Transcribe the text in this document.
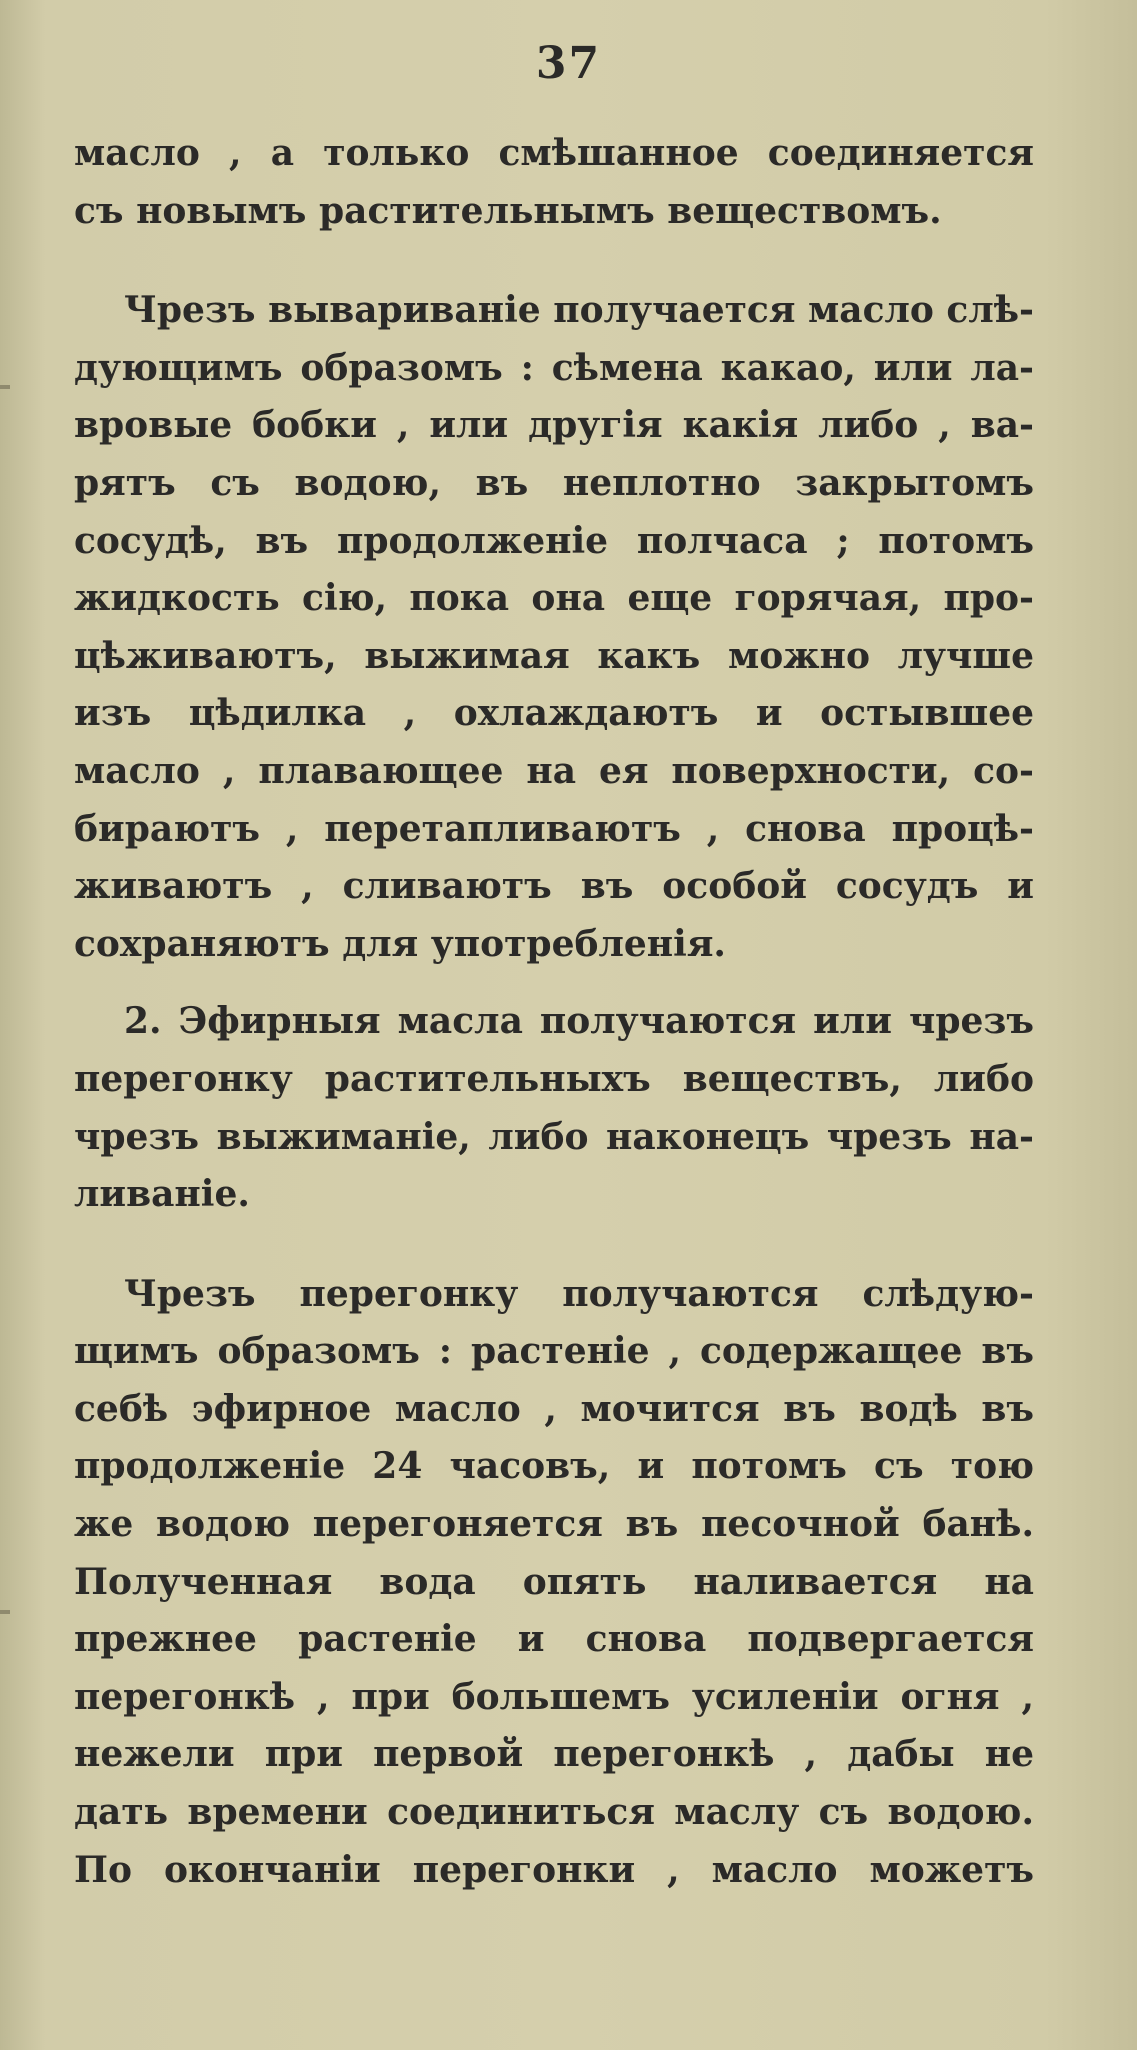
37
масло , а только смѣшанное соединяется
съ новымъ растительнымъ веществомъ.
Чрезъ вывариванiе получается масло слѣ-
дующимъ образомъ : сѣмена какао, или ла-
вровые бобки , или другiя какiя либо , ва-
рятъ съ водою, въ неплотно закрытомъ
сосудѣ, въ продолженiе полчаса ; потомъ
жидкость сiю, пока она еще горячая, про-
цѣживаютъ, выжимая какъ можно лучше
изъ цѣдилка , охлаждаютъ и остывшее
масло , плавающее на ея поверхности, со-
бираютъ , перетапливаютъ , снова процѣ-
живаютъ , сливаютъ въ особой сосудъ и
сохраняютъ для употребленiя.
2. Эфирныя масла получаются или чрезъ
перегонку растительныхъ веществъ, либо
чрезъ выжиманiе, либо наконецъ чрезъ на-
ливанiе.
Чрезъ перегонку получаются слѣдую-
щимъ образомъ : растенiе , содержащее въ
себѣ эфирное масло , мочится въ водѣ въ
продолженiе 24 часовъ, и потомъ съ тою
же водою перегоняется въ песочной банѣ.
Полученная вода опять наливается на
прежнее растенiе и снова подвергается
перегонкѣ , при большемъ усиленiи огня ,
нежели при первой перегонкѣ , дабы не
дать времени соединиться маслу съ водою.
По окончанiи перегонки , масло можетъ
